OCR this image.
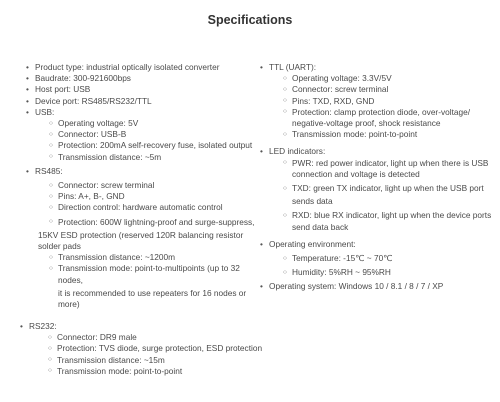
Specifications
• Product type: industrial optically isolated converter
• Baudrate: 300-921600bps
• Host port: USB
• Device port: RS485/RS232/TTL
• USB:
○ Operating voltage: 5V
○ Connector: USB-B
○ Protection: 200mA self-recovery fuse, isolated output
○ Transmission distance: ~5m
• RS485:
○ Connector: screw terminal
○ Pins: A+, B-, GND
○ Direction control: hardware automatic control
○ Protection: 600W lightning-proof and surge-suppress,
15KV ESD protection (reserved 120R balancing resistor
solder pads
○ Transmission distance: ~1200m
○ Transmission mode: point-to-multipoints (up to 32 nodes,
it is recommended to use repeaters for 16 nodes or more)
• RS232:
○ Connector: DR9 male
○ Protection: TVS diode, surge protection, ESD protection
○ Transmission distance: ~15m
○ Transmission mode: point-to-point
• TTL (UART):
○ Operating voltage: 3.3V/5V
○ Connector: screw terminal
○ Pins: TXD, RXD, GND
○ Protection: clamp protection diode, over-voltage/
negative-voltage proof, shock resistance
○ Transmission mode: point-to-point
• LED indicators:
○ PWR: red power indicator, light up when there is USB
connection and voltage is detected
○ TXD: green TX indicator, light up when the USB port
sends data
○ RXD: blue RX indicator, light up when the device ports
send data back
• Operating environment:
○ Temperature: -15℃ ~ 70℃
○ Humidity: 5%RH ~ 95%RH
• Operating system: Windows 10 / 8.1 / 8 / 7 / XP
